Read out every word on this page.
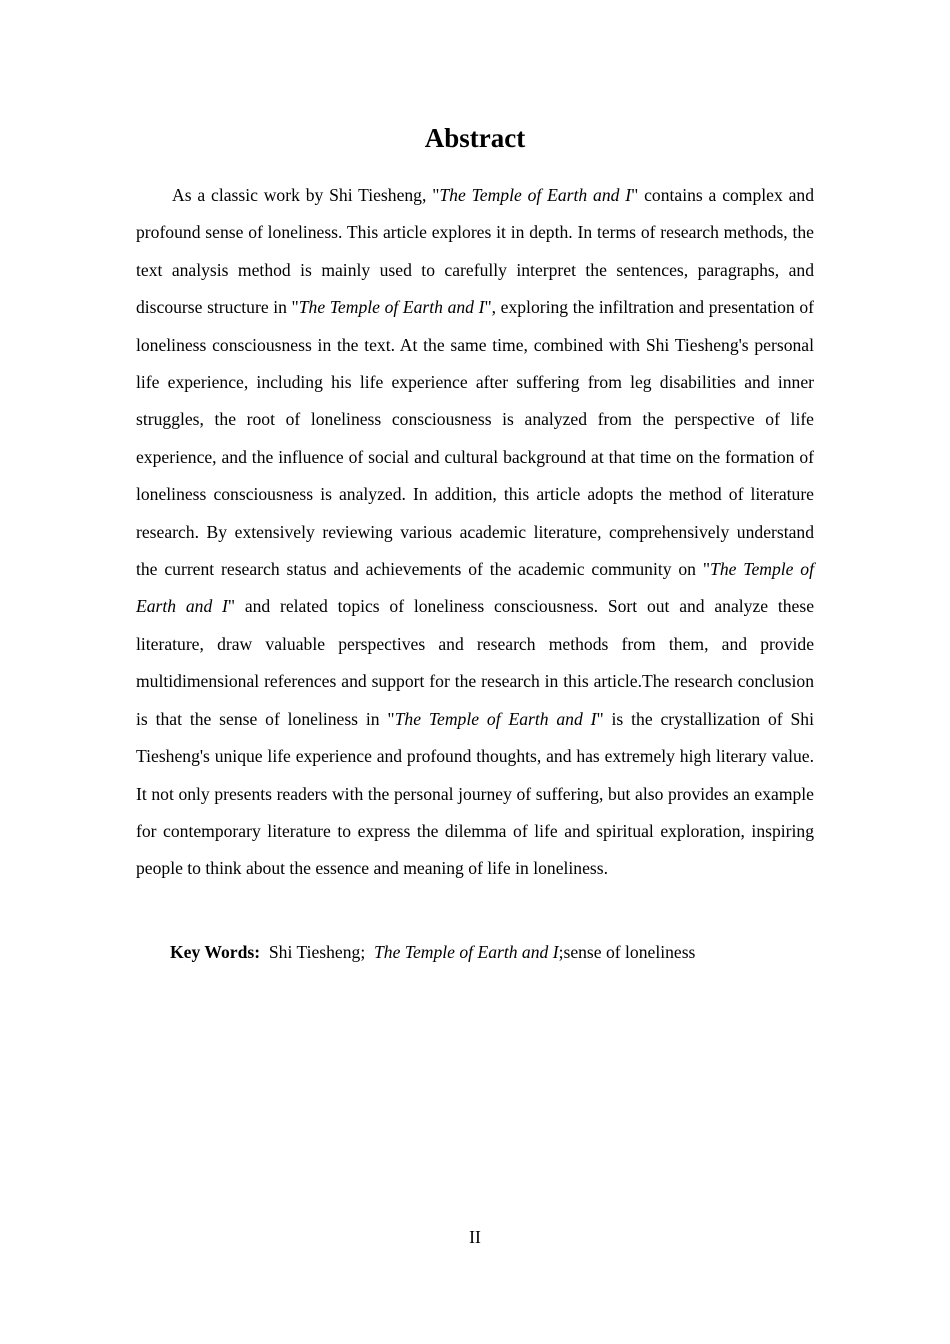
Abstract

As a classic work by Shi Tiesheng, "The Temple of Earth and I" contains a complex and profound sense of loneliness. This article explores it in depth. In terms of research methods, the text analysis method is mainly used to carefully interpret the sentences, paragraphs, and discourse structure in "The Temple of Earth and I", exploring the infiltration and presentation of loneliness consciousness in the text. At the same time, combined with Shi Tiesheng's personal life experience, including his life experience after suffering from leg disabilities and inner struggles, the root of loneliness consciousness is analyzed from the perspective of life experience, and the influence of social and cultural background at that time on the formation of loneliness consciousness is analyzed. In addition, this article adopts the method of literature research. By extensively reviewing various academic literature, comprehensively understand the current research status and achievements of the academic community on "The Temple of Earth and I" and related topics of loneliness consciousness. Sort out and analyze these literature, draw valuable perspectives and research methods from them, and provide multidimensional references and support for the research in this article.The research conclusion is that the sense of loneliness in "The Temple of Earth and I" is the crystallization of Shi Tiesheng's unique life experience and profound thoughts, and has extremely high literary value. It not only presents readers with the personal journey of suffering, but also provides an example for contemporary literature to express the dilemma of life and spiritual exploration, inspiring people to think about the essence and meaning of life in loneliness.

Key Words: Shi Tiesheng; The Temple of Earth and I;sense of loneliness
II
